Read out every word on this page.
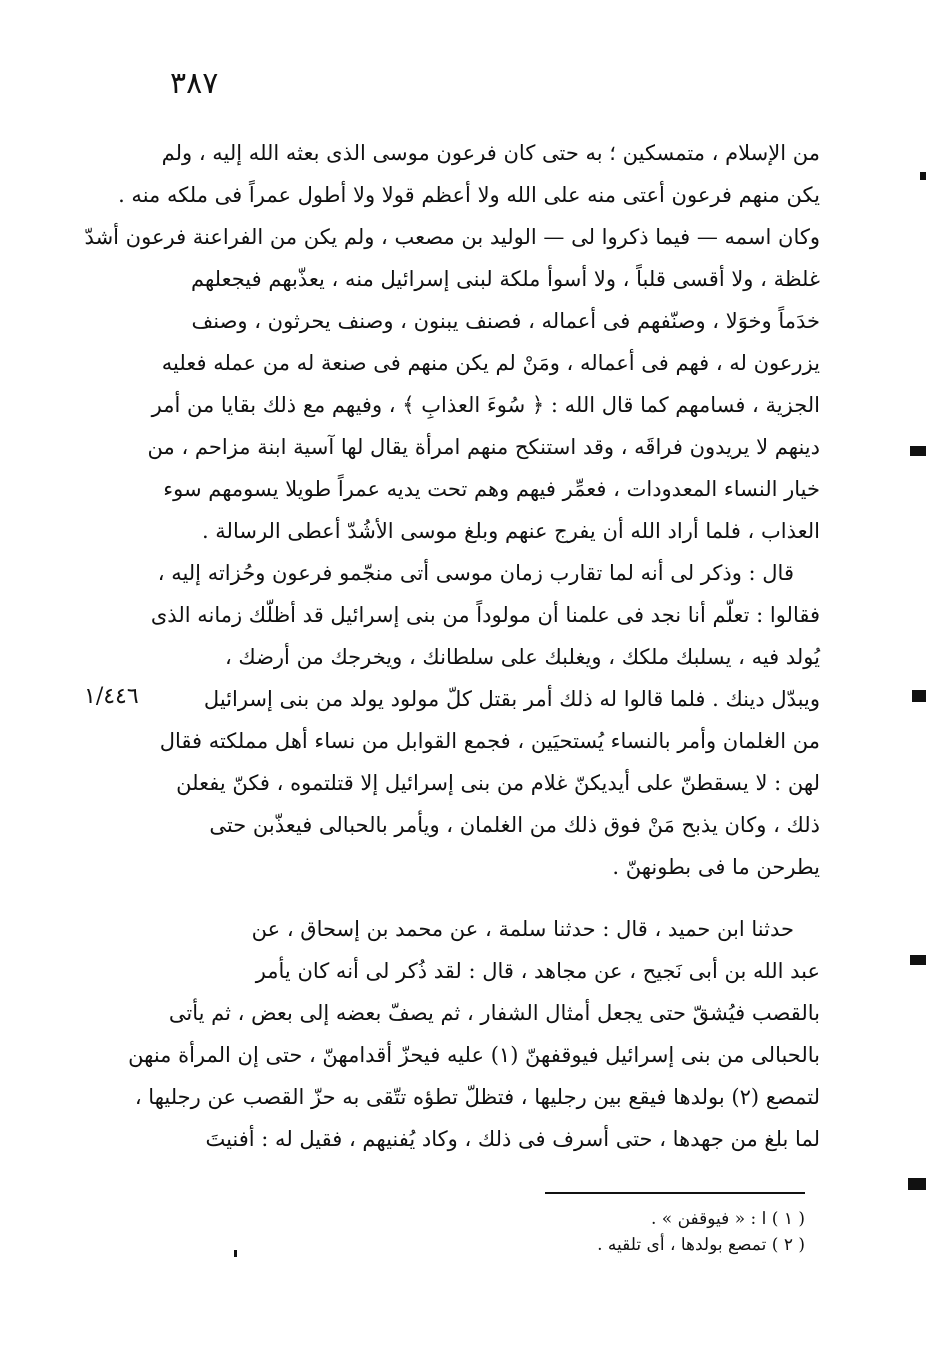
٣٨٧
١/٤٤٦
من الإسلام ، متمسكين ؛ به حتى كان فرعون موسى الذى بعثه الله إليه ، ولم
يكن منهم فرعون أعتى منه على الله ولا أعظم قولا ولا أطول عمراً فى ملكه منه .
وكان اسمه — فيما ذكروا لى — الوليد بن مصعب ، ولم يكن من الفراعنة فرعون أشدّ
غلظة ، ولا أقسى قلباً ، ولا أسوأ ملكة لبنى إسرائيل منه ، يعذّبهم فيجعلهم
خدَماً وخوَلا ، وصنّفهم فى أعماله ، فصنف يبنون ، وصنف يحرثون ، وصنف
يزرعون له ، فهم فى أعماله ، ومَنْ لم يكن منهم فى صنعة له من عمله فعليه
الجزية ، فسامهم كما قال الله : ﴿ سُوءَ العذابِ ﴾ ، وفيهم مع ذلك بقايا من أمر
دينهم لا يريدون فراقَه ، وقد استنكح منهم امرأة يقال لها آسية ابنة مزاحم ، من
خيار النساء المعدودات ، فعمِّر فيهم وهم تحت يديه عمراً طويلا يسومهم سوء
العذاب ، فلما أراد الله أن يفرج عنهم وبلغ موسى الأشُدّ أعطى الرسالة .
قال : وذكر لى أنه لما تقارب زمان موسى أتى منجّمو فرعون وحُزاته إليه ،
فقالوا : تعلّم أنا نجد فى علمنا أن مولوداً من بنى إسرائيل قد أظلّك زمانه الذى
يُولد فيه ، يسلبك ملكك ، ويغلبك على سلطانك ، ويخرجك من أرضك ،
ويبدّل دينك . فلما قالوا له ذلك أمر بقتل كلّ مولود يولد من بنى إسرائيل
من الغلمان وأمر بالنساء يُستحيَين ، فجمع القوابل من نساء أهل مملكته فقال
لهن : لا يسقطنّ على أيديكنّ غلام من بنى إسرائيل إلا قتلتموه ، فكنّ يفعلن
ذلك ، وكان يذبح مَنْ فوق ذلك من الغلمان ، ويأمر بالحبالى فيعذّبن حتى
يطرحن ما فى بطونهنّ .
حدثنا ابن حميد ، قال : حدثنا سلمة ، عن محمد بن إسحاق ، عن
عبد الله بن أبى نَجيح ، عن مجاهد ، قال : لقد ذُكر لى أنه كان يأمر
بالقصب فيُشقّ حتى يجعل أمثال الشفار ، ثم يصفّ بعضه إلى بعض ، ثم يأتى
بالحبالى من بنى إسرائيل فيوقفهنّ (١) عليه فيحزّ أقدامهنّ ، حتى إن المرأة منهن
لتمصع (٢) بولدها فيقع بين رجليها ، فتظلّ تطؤه تتّقى به حزّ القصب عن رجليها ،
لما بلغ من جهدها ، حتى أسرف فى ذلك ، وكاد يُفنيهم ، فقيل له : أفنيتَ
( ١ ) ا : « فيوقفن » .
( ٢ ) تمصع بولدها ، أى تلقيه .
